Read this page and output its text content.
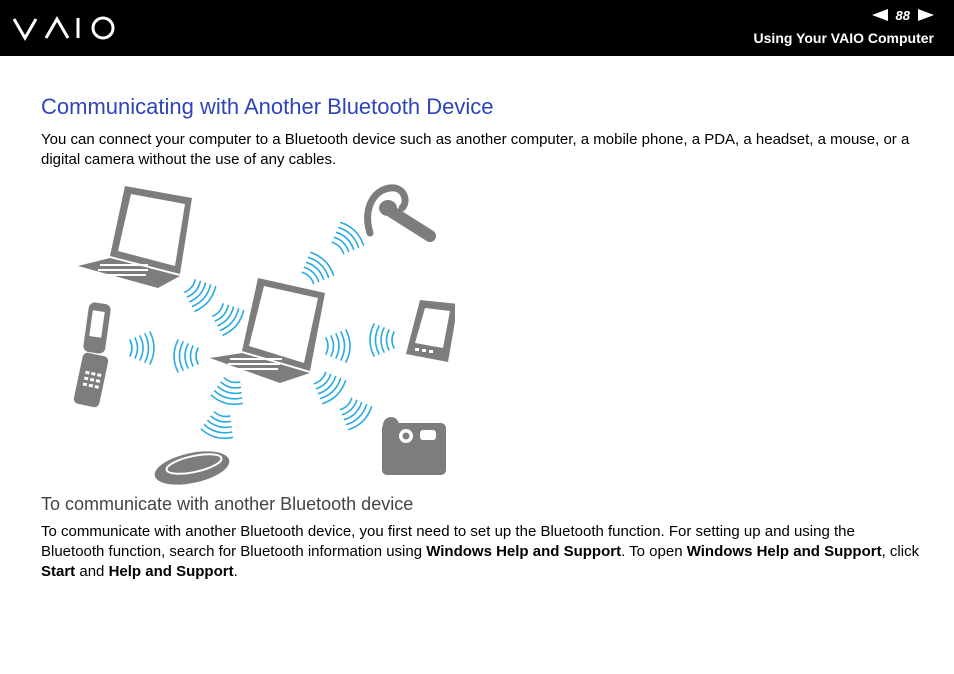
88
Using Your VAIO Computer
Communicating with Another Bluetooth Device

You can connect your computer to a Bluetooth device such as another computer, a mobile phone, a PDA, a headset, a mouse, or a digital camera without the use of any cables.

To communicate with another Bluetooth device

To communicate with another Bluetooth device, you first need to set up the Bluetooth function. For setting up and using the Bluetooth function, search for Bluetooth information using Windows Help and Support. To open Windows Help and Support, click Start and Help and Support.
